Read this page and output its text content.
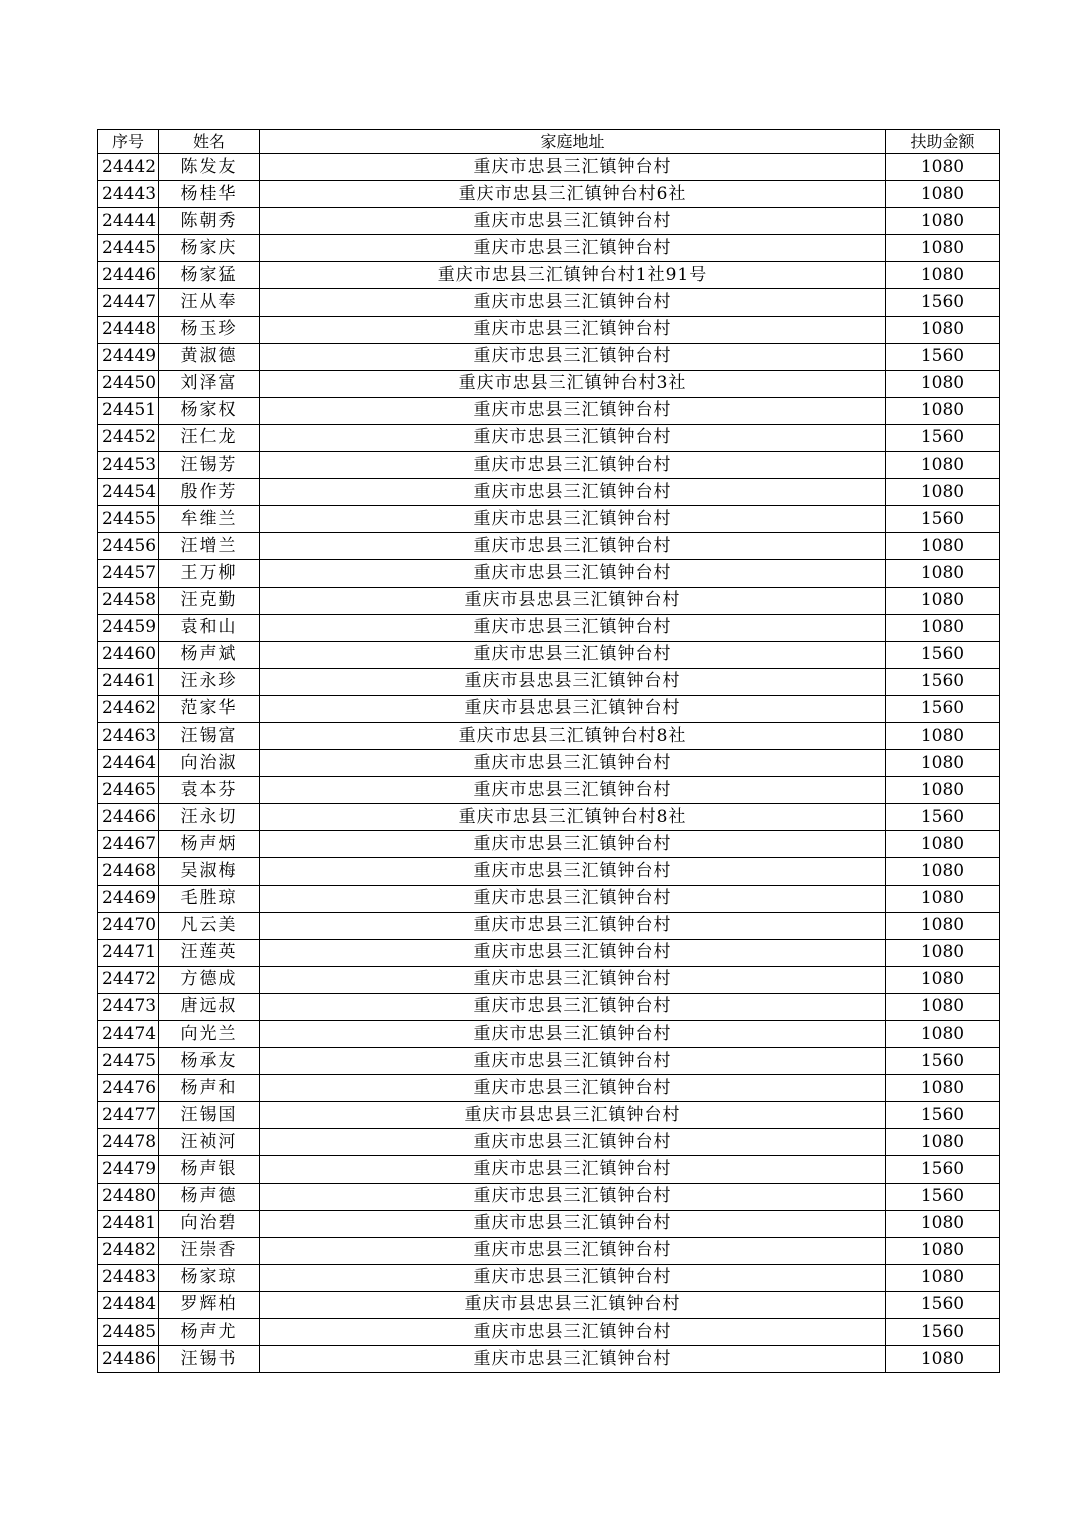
序号	姓名	家庭地址	扶助金额
24442	陈发友	重庆市忠县三汇镇钟台村	1080
24443	杨桂华	重庆市忠县三汇镇钟台村6社	1080
24444	陈朝秀	重庆市忠县三汇镇钟台村	1080
24445	杨家庆	重庆市忠县三汇镇钟台村	1080
24446	杨家猛	重庆市忠县三汇镇钟台村1社91号	1080
24447	汪从奉	重庆市忠县三汇镇钟台村	1560
24448	杨玉珍	重庆市忠县三汇镇钟台村	1080
24449	黄淑德	重庆市忠县三汇镇钟台村	1560
24450	刘泽富	重庆市忠县三汇镇钟台村3社	1080
24451	杨家权	重庆市忠县三汇镇钟台村	1080
24452	汪仁龙	重庆市忠县三汇镇钟台村	1560
24453	汪锡芳	重庆市忠县三汇镇钟台村	1080
24454	殷作芳	重庆市忠县三汇镇钟台村	1080
24455	牟维兰	重庆市忠县三汇镇钟台村	1560
24456	汪增兰	重庆市忠县三汇镇钟台村	1080
24457	王万柳	重庆市忠县三汇镇钟台村	1080
24458	汪克勤	重庆市县忠县三汇镇钟台村	1080
24459	袁和山	重庆市忠县三汇镇钟台村	1080
24460	杨声斌	重庆市忠县三汇镇钟台村	1560
24461	汪永珍	重庆市县忠县三汇镇钟台村	1560
24462	范家华	重庆市县忠县三汇镇钟台村	1560
24463	汪锡富	重庆市忠县三汇镇钟台村8社	1080
24464	向治淑	重庆市忠县三汇镇钟台村	1080
24465	袁本芬	重庆市忠县三汇镇钟台村	1080
24466	汪永切	重庆市忠县三汇镇钟台村8社	1560
24467	杨声炳	重庆市忠县三汇镇钟台村	1080
24468	吴淑梅	重庆市忠县三汇镇钟台村	1080
24469	毛胜琼	重庆市忠县三汇镇钟台村	1080
24470	凡云美	重庆市忠县三汇镇钟台村	1080
24471	汪莲英	重庆市忠县三汇镇钟台村	1080
24472	方德成	重庆市忠县三汇镇钟台村	1080
24473	唐远叔	重庆市忠县三汇镇钟台村	1080
24474	向光兰	重庆市忠县三汇镇钟台村	1080
24475	杨承友	重庆市忠县三汇镇钟台村	1560
24476	杨声和	重庆市忠县三汇镇钟台村	1080
24477	汪锡国	重庆市县忠县三汇镇钟台村	1560
24478	汪祯河	重庆市忠县三汇镇钟台村	1080
24479	杨声银	重庆市忠县三汇镇钟台村	1560
24480	杨声德	重庆市忠县三汇镇钟台村	1560
24481	向治碧	重庆市忠县三汇镇钟台村	1080
24482	汪崇香	重庆市忠县三汇镇钟台村	1080
24483	杨家琼	重庆市忠县三汇镇钟台村	1080
24484	罗辉柏	重庆市县忠县三汇镇钟台村	1560
24485	杨声尤	重庆市忠县三汇镇钟台村	1560
24486	汪锡书	重庆市忠县三汇镇钟台村	1080
